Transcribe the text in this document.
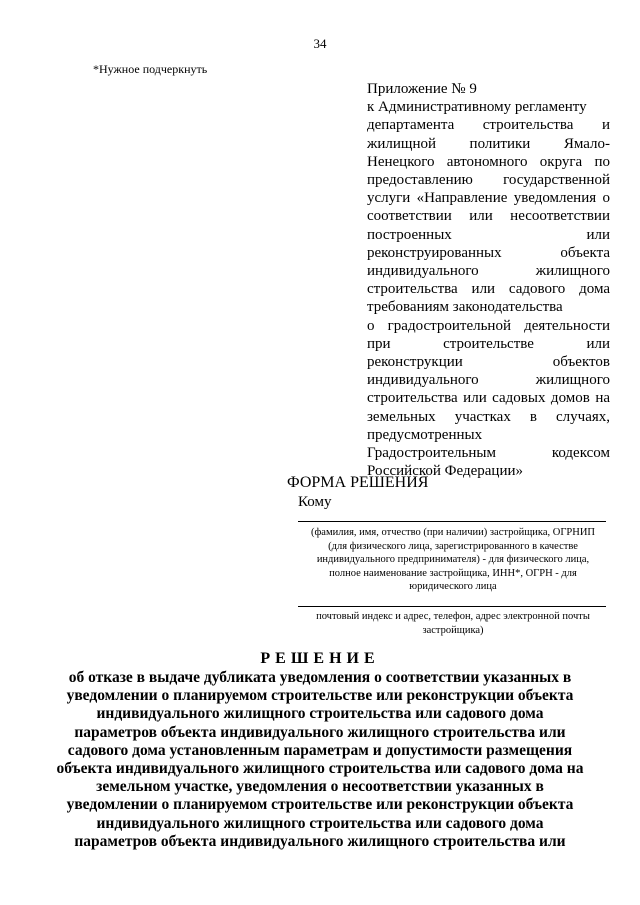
34
*Нужное подчеркнуть
Приложение № 9
к Административному регламенту
департамента строительства и
жилищной политики Ямало-
Ненецкого автономного округа по
предоставлению государственной
услуги «Направление уведомления о
соответствии или несоответствии
построенных или
реконструированных объекта
индивидуального жилищного
строительства или садового дома
требованиям законодательства
о градостроительной деятельности
при строительстве или
реконструкции объектов
индивидуального жилищного
строительства или садовых домов на
земельных участках в случаях,
предусмотренных
Градостроительным кодексом
Российской Федерации»
ФОРМА РЕШЕНИЯ
Кому
(фамилия, имя, отчество (при наличии) застройщика, ОГРНИП
(для физического лица, зарегистрированного в качестве
индивидуального предпринимателя) - для физического лица,
полное наименование застройщика, ИНН*, ОГРН - для
юридического лица
почтовый индекс и адрес, телефон, адрес электронной почты
застройщика)
РЕШЕНИЕ
об отказе в выдаче дубликата уведомления о соответствии указанных в
уведомлении о планируемом строительстве или реконструкции объекта
индивидуального жилищного строительства или садового дома
параметров объекта индивидуального жилищного строительства или
садового дома установленным параметрам и допустимости размещения
объекта индивидуального жилищного строительства или садового дома на
земельном участке, уведомления о несоответствии указанных в
уведомлении о планируемом строительстве или реконструкции объекта
индивидуального жилищного строительства или садового дома
параметров объекта индивидуального жилищного строительства или
